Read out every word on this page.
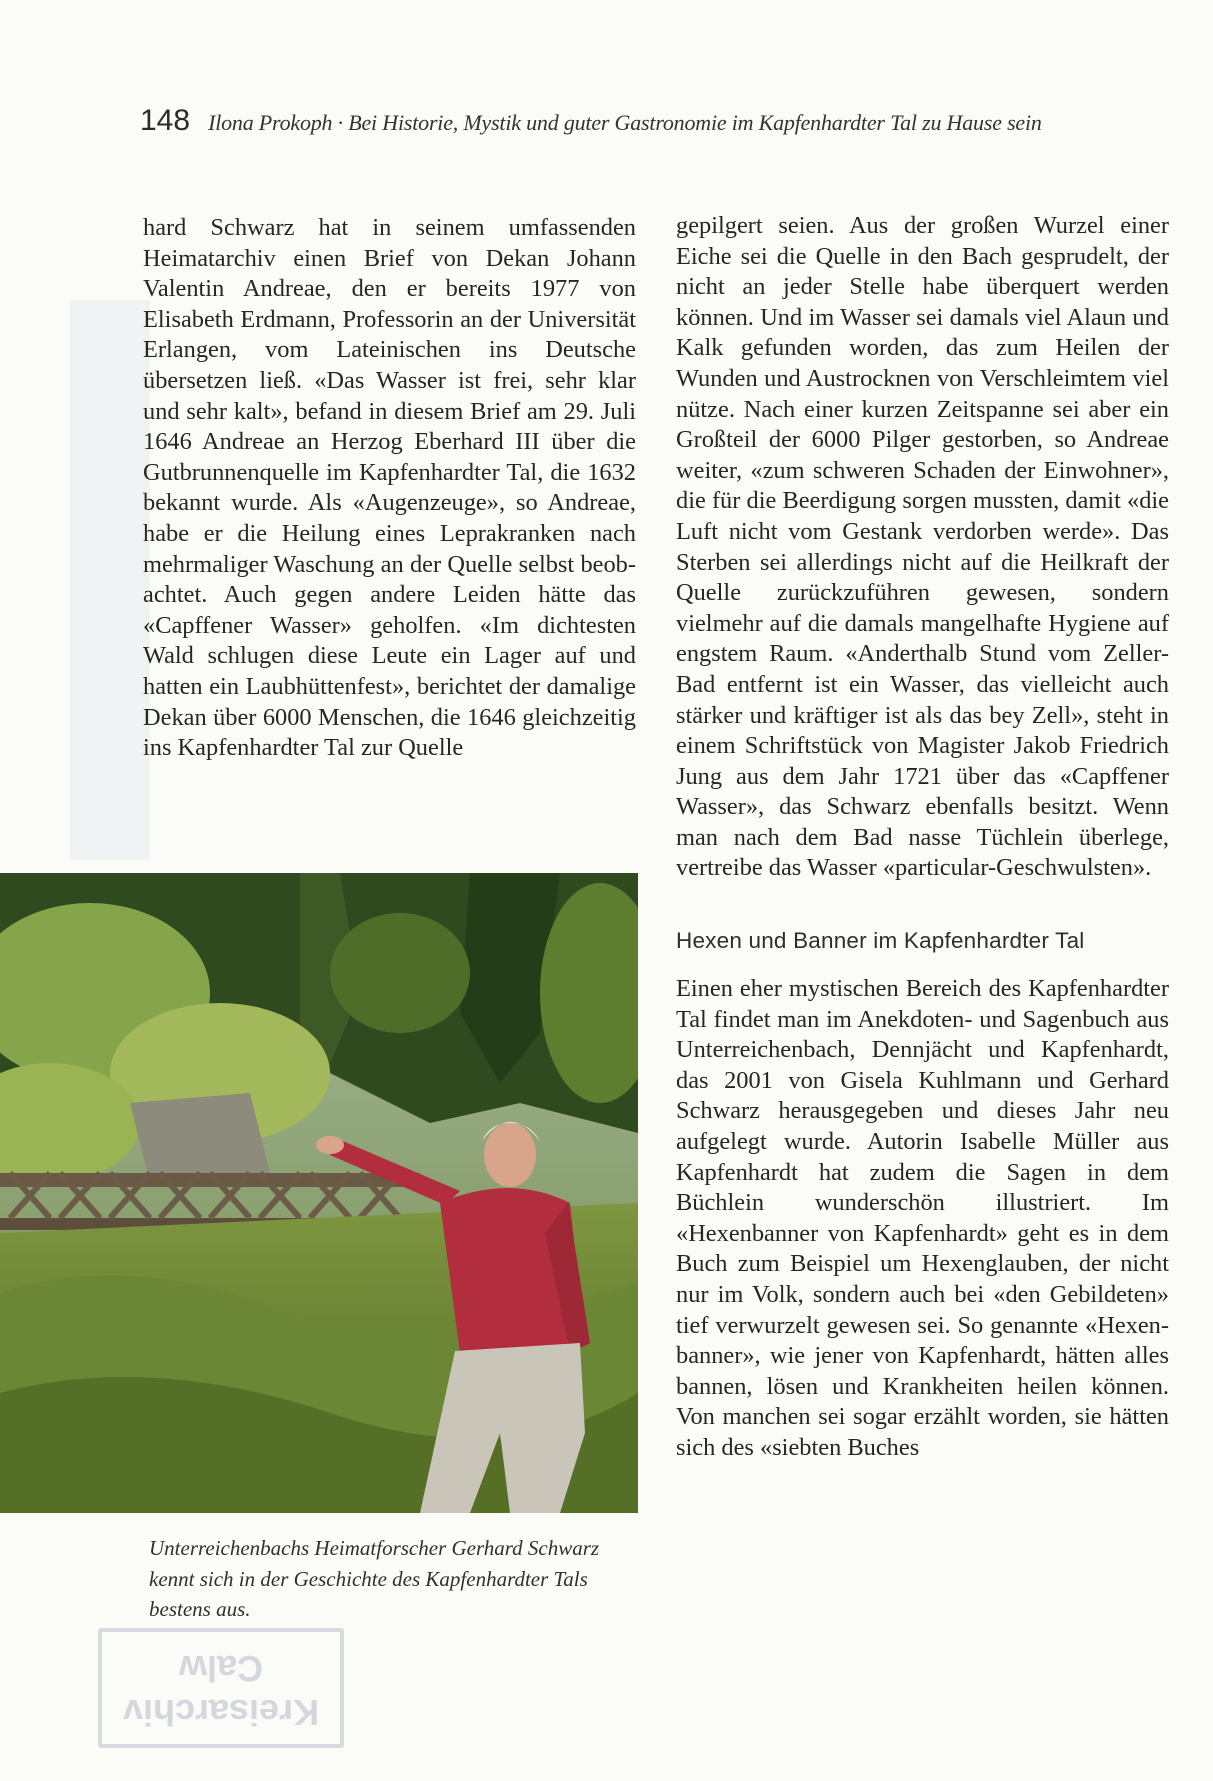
148 Ilona Prokoph · Bei Historie, Mystik und guter Gastronomie im Kapfenhardter Tal zu Hause sein

hard Schwarz hat in seinem umfassenden Heimatarchiv einen Brief von Dekan Johann Valentin Andreae, den er bereits 1977 von Elisabeth Erdmann, Professorin an der Universität Erlangen, vom Lateinischen ins Deutsche übersetzen ließ. «Das Wasser ist frei, sehr klar und sehr kalt», befand in diesem Brief am 29. Juli 1646 Andreae an Herzog Eberhard III über die Gutbrunnenquelle im Kapfenhardter Tal, die 1632 bekannt wurde. Als «Augenzeuge», so Andreae, habe er die Heilung eines Leprakranken nach mehrmaliger Waschung an der Quelle selbst beobachtet. Auch gegen andere Leiden hätte das «Capffener Wasser» geholfen. «Im dichtesten Wald schlugen diese Leute ein Lager auf und hatten ein Laubhüttenfest», berichtet der damalige Dekan über 6000 Menschen, die 1646 gleichzeitig ins Kapfenhardter Tal zur Quelle

gepilgert seien. Aus der großen Wurzel einer Eiche sei die Quelle in den Bach gesprudelt, der nicht an jeder Stelle habe überquert werden können. Und im Wasser sei damals viel Alaun und Kalk gefunden worden, das zum Heilen der Wunden und Austrocknen von Verschleimtem viel nütze. Nach einer kurzen Zeitspanne sei aber ein Großteil der 6000 Pilger gestorben, so Andreae weiter, «zum schweren Schaden der Einwohner», die für die Beerdigung sorgen mussten, damit «die Luft nicht vom Gestank verdorben werde». Das Sterben sei allerdings nicht auf die Heilkraft der Quelle zurückzuführen gewesen, sondern vielmehr auf die damals mangelhafte Hygiene auf engstem Raum. «Anderthalb Stund vom Zeller-Bad entfernt ist ein Wasser, das vielleicht auch stärker und kräftiger ist als das bey Zell», steht in einem Schriftstück von Magister Jakob Friedrich Jung aus dem Jahr 1721 über das «Capffener Wasser», das Schwarz ebenfalls besitzt. Wenn man nach dem Bad nasse Tüchlein überlege, vertreibe das Wasser «particular-Geschwulsten».

Hexen und Banner im Kapfenhardter Tal

Einen eher mystischen Bereich des Kapfenhardter Tal findet man im Anekdoten- und Sagenbuch aus Unterreichenbach, Dennjächt und Kapfenhardt, das 2001 von Gisela Kuhlmann und Gerhard Schwarz herausgegeben und dieses Jahr neu aufgelegt wurde. Autorin Isabelle Müller aus Kapfenhardt hat zudem die Sagen in dem Büchlein wunderschön illustriert. Im «Hexenbanner von Kapfenhardt» geht es in dem Buch zum Beispiel um Hexenglauben, der nicht nur im Volk, sondern auch bei «den Gebildeten» tief verwurzelt gewesen sei. So genannte «Hexenbanner», wie jener von Kapfenhardt, hätten alles bannen, lösen und Krankheiten heilen können. Von manchen sei sogar erzählt worden, sie hätten sich des «siebten Buches

Unterreichenbachs Heimatforscher Gerhard Schwarz kennt sich in der Geschichte des Kapfenhardter Tals bestens aus.
Kreisarchiv
Calw
